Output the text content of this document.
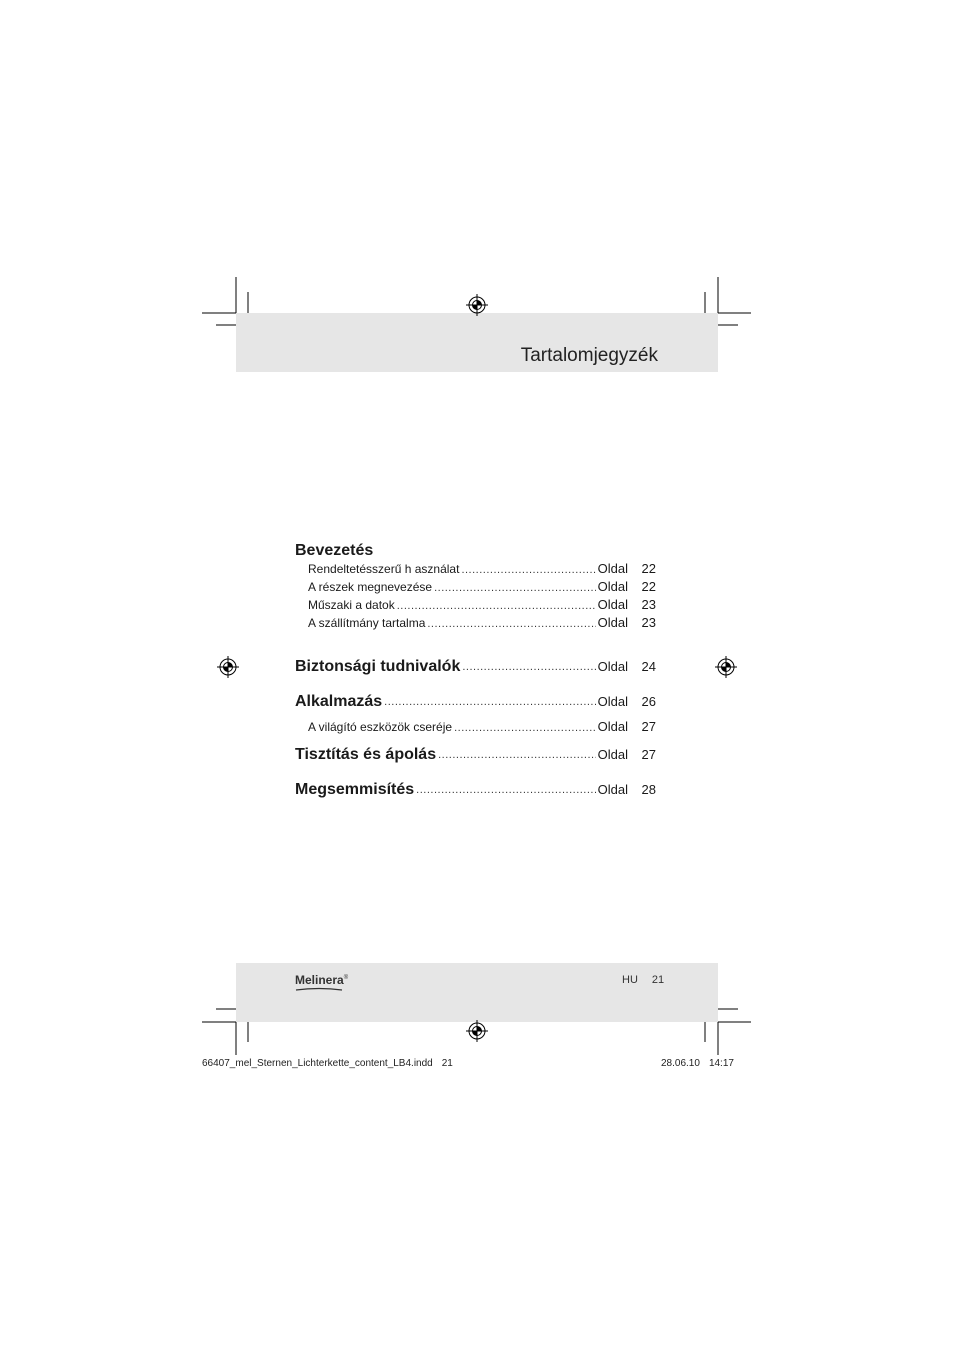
Tartalomjegyzék
Bevezetés
Rendeltetésszerű h asználat .....	Oldal	22
A részek megnevezése .....	Oldal	22
Műszaki a datok .....	Oldal	23
A szállítmány tartalma .....	Oldal	23
Biztonsági tudnivalók .....	Oldal	24
Alkalmazás .....	Oldal	26
A világító eszközök cseréje .....	Oldal	27
Tisztítás és ápolás .....	Oldal	27
Megsemmisítés .....	Oldal	28
Melinera®	HU 21
66407_mel_Sternen_Lichterkette_content_LB4.indd 21	28.06.10 14:17
